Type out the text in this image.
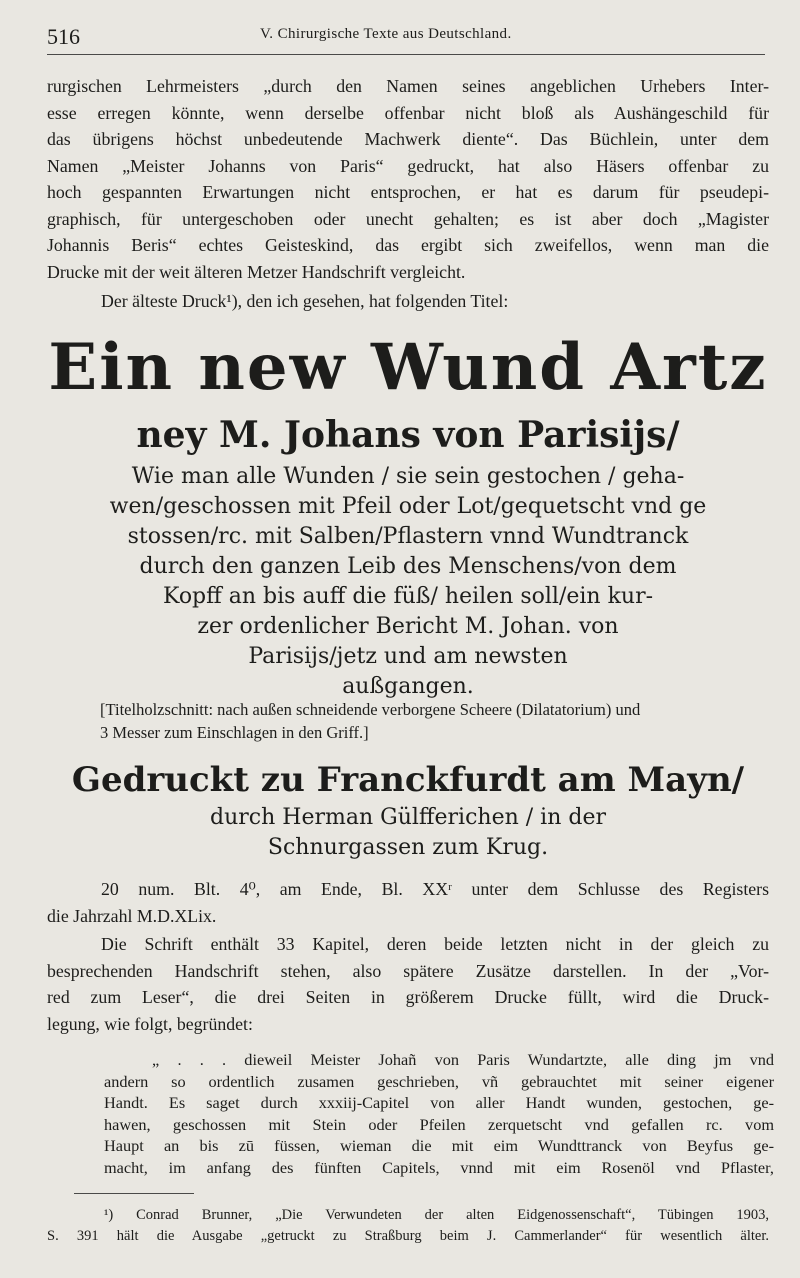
516	V. Chirurgische Texte aus Deutschland.
rurgischen Lehrmeisters „durch den Namen seines angeblichen Urhebers Inter-
esse erregen könnte, wenn derselbe offenbar nicht bloß als Aushängeschild für
das übrigens höchst unbedeutende Machwerk diente“. Das Büchlein, unter dem
Namen „Meister Johanns von Paris“ gedruckt, hat also Häsers offenbar zu
hoch gespannten Erwartungen nicht entsprochen, er hat es darum für pseudepi-
graphisch, für untergeschoben oder unecht gehalten; es ist aber doch „Magister
Johannis Beris“ echtes Geisteskind, das ergibt sich zweifellos, wenn man die
Drucke mit der weit älteren Metzer Handschrift vergleicht.
Der älteste Druck¹), den ich gesehen, hat folgenden Titel:
Ein new Wund Artz
ney M. Johans von Parisijs/
Wie man alle Wunden / sie sein gestochen / geha-
wen/geschossen mit Pfeil oder Lot/gequetscht vnd ge
stossen/rc. mit Salben/Pflastern vnnd Wundtranck
durch den ganzen Leib des Menschens/von dem
Kopff an bis auff die füß/ heilen soll/ein kur-
zer ordenlicher Bericht M. Johan. von
Parisijs/jetz und am newsten
außgangen.
[Titelholzschnitt: nach außen schneidende verborgene Scheere (Dilatatorium) und
3 Messer zum Einschlagen in den Griff.]
Gedruckt zu Franckfurdt am Mayn/
durch Herman Gülfferichen / in der
Schnurgassen zum Krug.
20 num. Blt. 4⁰, am Ende, Bl. XXʳ unter dem Schlusse des Registers
die Jahrzahl M.D.XLix.
Die Schrift enthält 33 Kapitel, deren beide letzten nicht in der gleich zu
besprechenden Handschrift stehen, also spätere Zusätze darstellen. In der „Vor-
red zum Leser“, die drei Seiten in größerem Drucke füllt, wird die Druck-
legung, wie folgt, begründet:
„ . . . dieweil Meister Johañ von Paris Wundartzte, alle ding jm vnd
andern so ordentlich zusamen geschrieben, vñ gebrauchtet mit seiner eigener
Handt. Es saget durch xxxiij-Capitel von aller Handt wunden, gestochen, ge-
hawen, geschossen mit Stein oder Pfeilen zerquetscht vnd gefallen rc. vom
Haupt an bis zū füssen, wieman die mit eim Wundttranck von Beyfus ge-
macht, im anfang des fünften Capitels, vnnd mit eim Rosenöl vnd Pflaster,
¹) Conrad Brunner, „Die Verwundeten der alten Eidgenossenschaft“, Tübingen 1903,
S. 391 hält die Ausgabe „getruckt zu Straßburg beim J. Cammerlander“ für wesentlich älter.
